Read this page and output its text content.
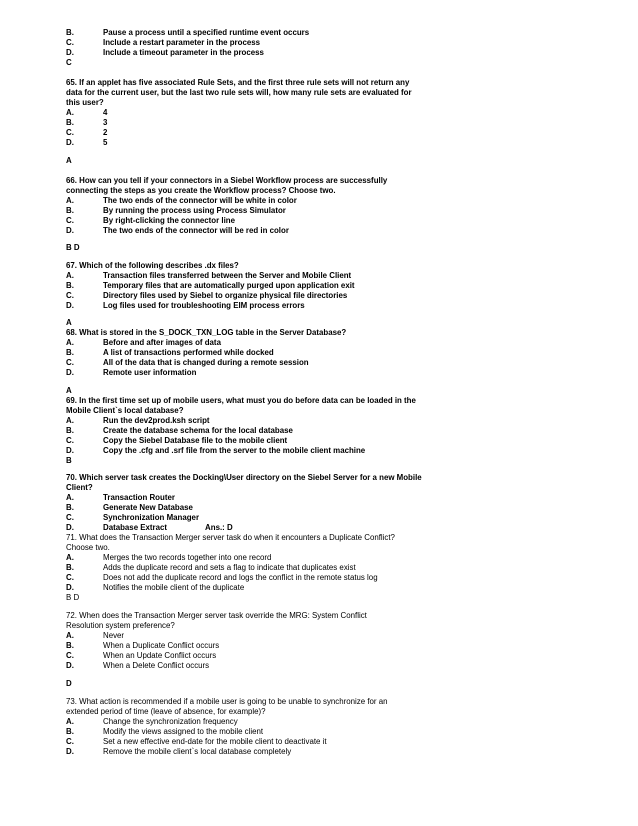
B.	Pause a process until a specified runtime event occurs
C.	Include a restart parameter in the process
D.	Include a timeout parameter in the process
C
65. If an applet has five associated Rule Sets, and the first three rule sets will not return any
data for the current user, but the last two rule sets will, how many rule sets are evaluated for
this user?
A.	4
B.	3
C.	2
D.	5
A
66. How can you tell if your connectors in a Siebel Workflow process are successfully
connecting the steps as you create the Workflow process? Choose two.
A.	The two ends of the connector will be white in color
B.	By running the process using Process Simulator
C.	By right-clicking the connector line
D.	The two ends of the connector will be red in color
B D
67. Which of the following describes .dx files?
A.	Transaction files transferred between the Server and Mobile Client
B.	Temporary files that are automatically purged upon application exit
C.	Directory files used by Siebel to organize physical file directories
D.	Log files used for troubleshooting EIM process errors
A
68. What is stored in the S_DOCK_TXN_LOG table in the Server Database?
A.	Before and after images of data
B.	A list of transactions performed while docked
C.	All of the data that is changed during a remote session
D.	Remote user information
A
69. In the first time set up of mobile users, what must you do before data can be loaded in the
Mobile Client`s local database?
A.	Run the dev2prod.ksh script
B.	Create the database schema for the local database
C.	Copy the Siebel Database file to the mobile client
D.	Copy the .cfg and .srf file from the server to the mobile client machine
B
70. Which server task creates the Docking\User directory on the Siebel Server for a new Mobile
Client?
A.	Transaction Router
B.	Generate New Database
C.	Synchronization Manager
D.	Database Extract	Ans.: D
71. What does the Transaction Merger server task do when it encounters a Duplicate Conflict?
Choose two.
A.	Merges the two records together into one record
B.	Adds the duplicate record and sets a flag to indicate that duplicates exist
C.	Does not add the duplicate record and logs the conflict in the remote status log
D.	Notifies the mobile client of the duplicate
B D
72. When does the Transaction Merger server task override the MRG: System Conflict
Resolution system preference?
A.	Never
B.	When a Duplicate Conflict occurs
C.	When an Update Conflict occurs
D.	When a Delete Conflict occurs
D
73. What action is recommended if a mobile user is going to be unable to synchronize for an
extended period of time (leave of absence, for example)?
A.	Change the synchronization frequency
B.	Modify the views assigned to the mobile client
C.	Set a new effective end-date for the mobile client to deactivate it
D.	Remove the mobile client`s local database completely
